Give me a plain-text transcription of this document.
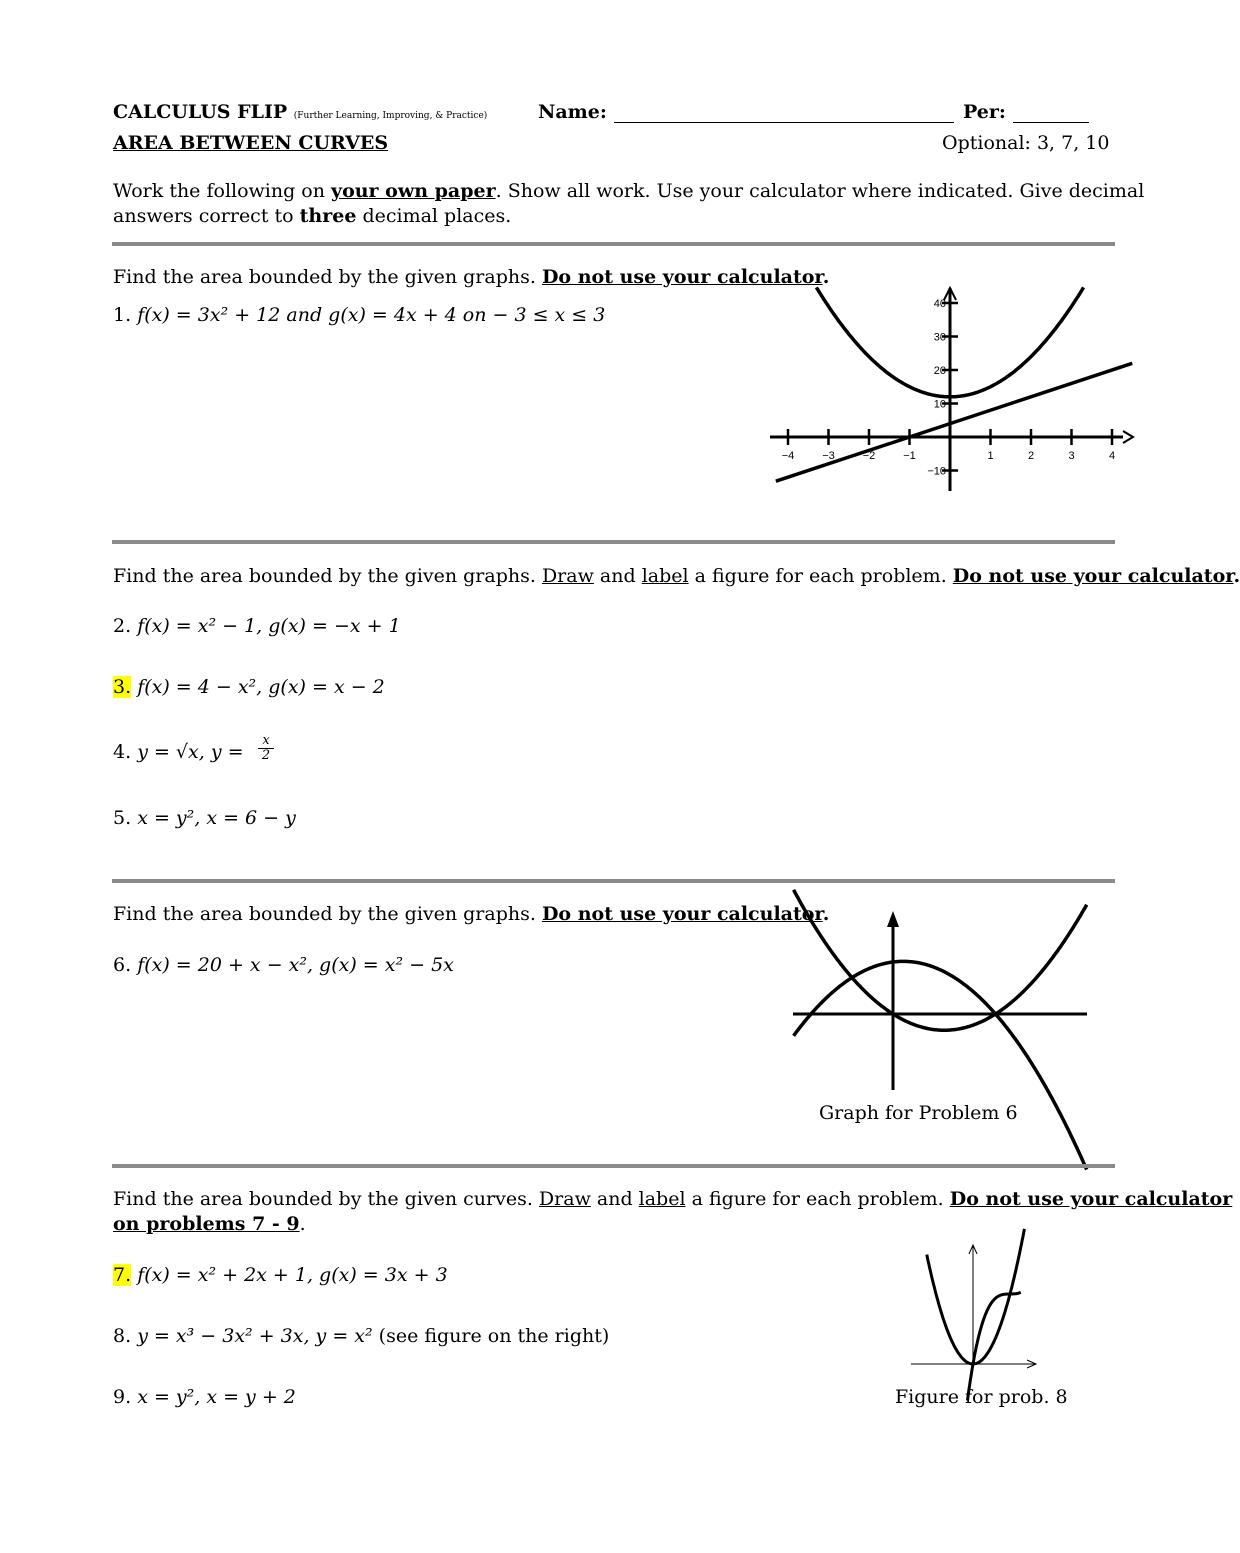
CALCULUS FLIP (Further Learning, Improving, & Practice)	Name:	Per:
AREA BETWEEN CURVES	Optional: 3, 7, 10
Work the following on your own paper. Show all work. Use your calculator where indicated. Give decimal
answers correct to three decimal places.
Find the area bounded by the given graphs. Do not use your calculator.
1. f(x) = 3x² + 12 and g(x) = 4x + 4 on − 3 ≤ x ≤ 3
−4	−3	−2	−1	1	2	3	4
40
30
20
10
−10
Find the area bounded by the given graphs. Draw and label a figure for each problem. Do not use your calculator.
2. f(x) = x² − 1, g(x) = −x + 1
3. f(x) = 4 − x², g(x) = x − 2
4. y = √x, y =
x
2
5. x = y², x = 6 − y
Find the area bounded by the given graphs. Do not use your calculator.
6. f(x) = 20 + x − x², g(x) = x² − 5x
Graph for Problem 6
Find the area bounded by the given curves. Draw and label a figure for each problem. Do not use your calculator
on problems 7 - 9.
7. f(x) = x² + 2x + 1, g(x) = 3x + 3
8. y = x³ − 3x² + 3x, y = x² (see figure on the right)
9. x = y², x = y + 2	Figure for prob. 8
